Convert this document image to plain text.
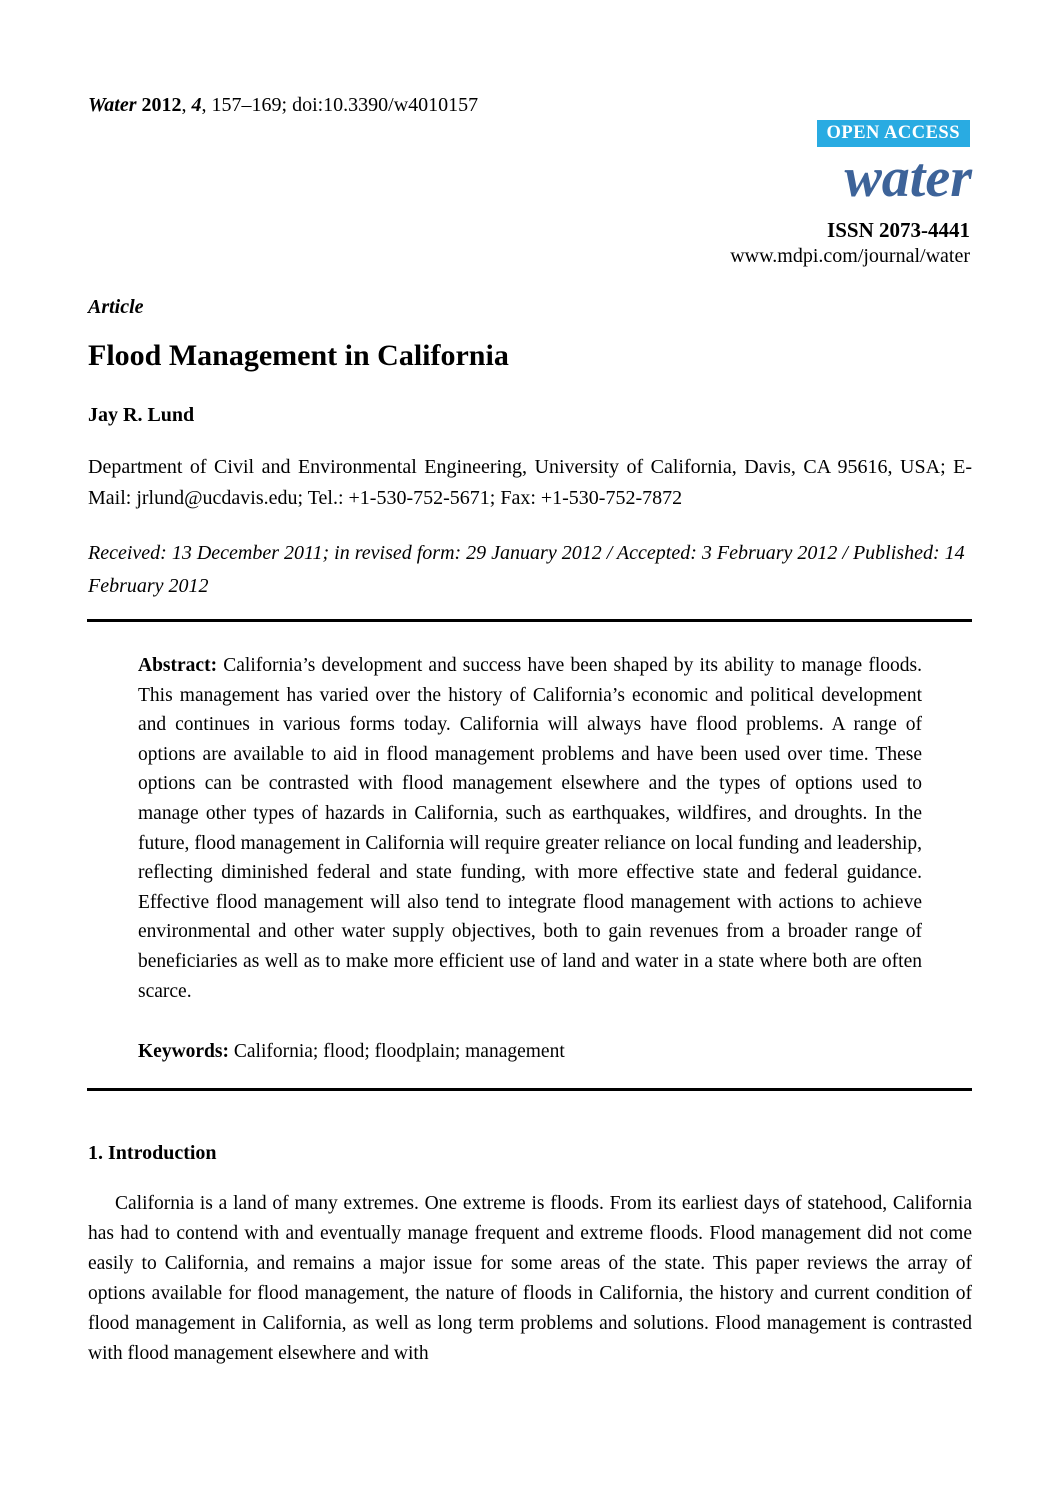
Water 2012, 4, 157–169; doi:10.3390/w4010157
OPEN ACCESS
water
ISSN 2073-4441
www.mdpi.com/journal/water
Article
Flood Management in California
Jay R. Lund
Department of Civil and Environmental Engineering, University of California, Davis, CA 95616, USA; E-Mail: jrlund@ucdavis.edu; Tel.: +1-530-752-5671; Fax: +1-530-752-7872
Received: 13 December 2011; in revised form: 29 January 2012 / Accepted: 3 February 2012 / Published: 14 February 2012
Abstract: California’s development and success have been shaped by its ability to manage floods. This management has varied over the history of California’s economic and political development and continues in various forms today. California will always have flood problems. A range of options are available to aid in flood management problems and have been used over time. These options can be contrasted with flood management elsewhere and the types of options used to manage other types of hazards in California, such as earthquakes, wildfires, and droughts. In the future, flood management in California will require greater reliance on local funding and leadership, reflecting diminished federal and state funding, with more effective state and federal guidance. Effective flood management will also tend to integrate flood management with actions to achieve environmental and other water supply objectives, both to gain revenues from a broader range of beneficiaries as well as to make more efficient use of land and water in a state where both are often scarce.
Keywords: California; flood; floodplain; management
1. Introduction
California is a land of many extremes. One extreme is floods. From its earliest days of statehood, California has had to contend with and eventually manage frequent and extreme floods. Flood management did not come easily to California, and remains a major issue for some areas of the state. This paper reviews the array of options available for flood management, the nature of floods in California, the history and current condition of flood management in California, as well as long term problems and solutions. Flood management is contrasted with flood management elsewhere and with
